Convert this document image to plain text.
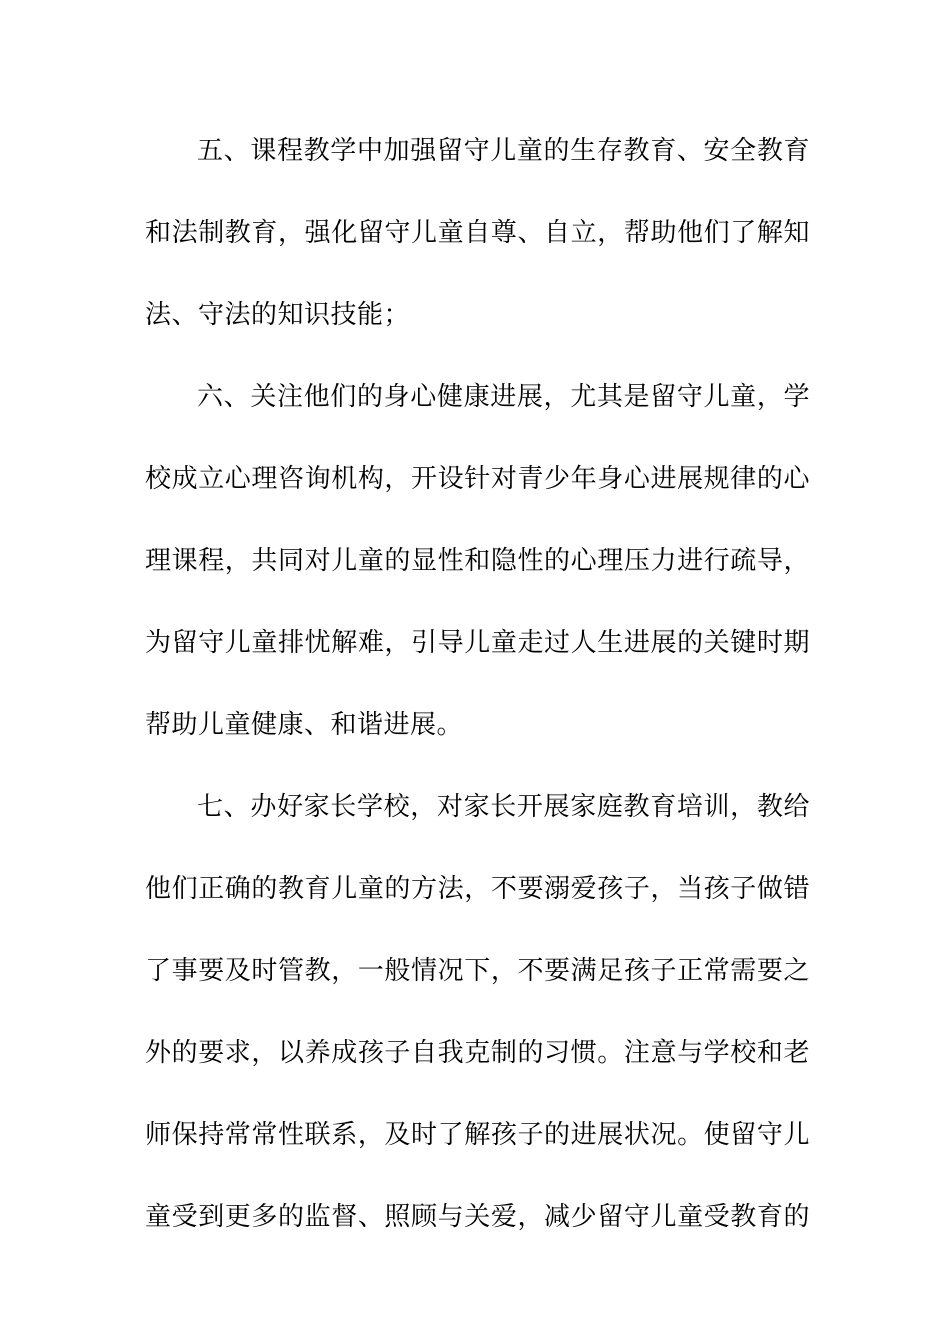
五、课程教学中加强留守儿童的生存教育、安全教育
和法制教育，强化留守儿童自尊、自立，帮助他们了解知
法、守法的知识技能；
六、关注他们的身心健康进展，尤其是留守儿童，学
校成立心理咨询机构，开设针对青少年身心进展规律的心
理课程，共同对儿童的显性和隐性的心理压力进行疏导，
为留守儿童排忧解难，引导儿童走过人生进展的关键时期
帮助儿童健康、和谐进展。
七、办好家长学校，对家长开展家庭教育培训，教给
他们正确的教育儿童的方法，不要溺爱孩子，当孩子做错
了事要及时管教，一般情况下，不要满足孩子正常需要之
外的要求，以养成孩子自我克制的习惯。注意与学校和老
师保持常常性联系，及时了解孩子的进展状况。使留守儿
童受到更多的监督、照顾与关爱，减少留守儿童受教育的
